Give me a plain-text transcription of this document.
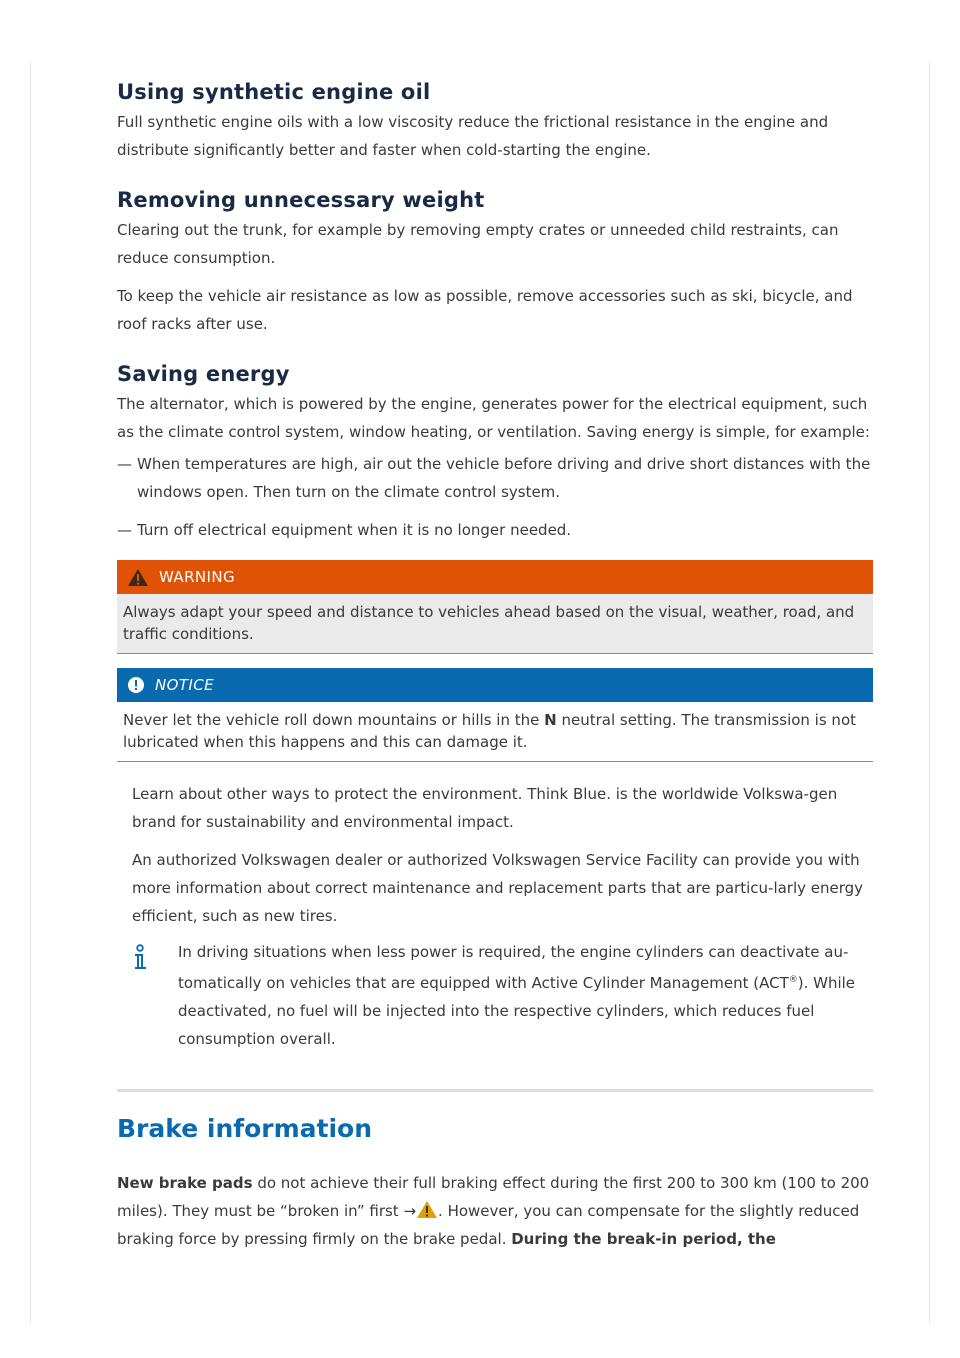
Using synthetic engine oil

Full synthetic engine oils with a low viscosity reduce the frictional resistance in the engine and distribute significantly better and faster when cold-starting the engine.

Removing unnecessary weight

Clearing out the trunk, for example by removing empty crates or unneeded child restraints, can reduce consumption.

To keep the vehicle air resistance as low as possible, remove accessories such as ski, bicycle, and roof racks after use.

Saving energy

The alternator, which is powered by the engine, generates power for the electrical equipment, such as the climate control system, window heating, or ventilation. Saving energy is simple, for example:

— When temperatures are high, air out the vehicle before driving and drive short distances with the windows open. Then turn on the climate control system.
— Turn off electrical equipment when it is no longer needed.
WARNING
Always adapt your speed and distance to vehicles ahead based on the visual, weather, road, and traffic conditions.
NOTICE
Never let the vehicle roll down mountains or hills in the N neutral setting. The transmission is not lubricated when this happens and this can damage it.

Learn about other ways to protect the environment. Think Blue. is the worldwide Volkswa-gen brand for sustainability and environmental impact.

An authorized Volkswagen dealer or authorized Volkswagen Service Facility can provide you with more information about correct maintenance and replacement parts that are particu-larly energy efficient, such as new tires.

In driving situations when less power is required, the engine cylinders can deactivate au-tomatically on vehicles that are equipped with Active Cylinder Management (ACT®). While deactivated, no fuel will be injected into the respective cylinders, which reduces fuel consumption overall.

Brake information

New brake pads do not achieve their full braking effect during the first 200 to 300 km (100 to 200 miles). They must be “broken in” first → . However, you can compensate for the slightly reduced braking force by pressing firmly on the brake pedal. During the break-in period, the
